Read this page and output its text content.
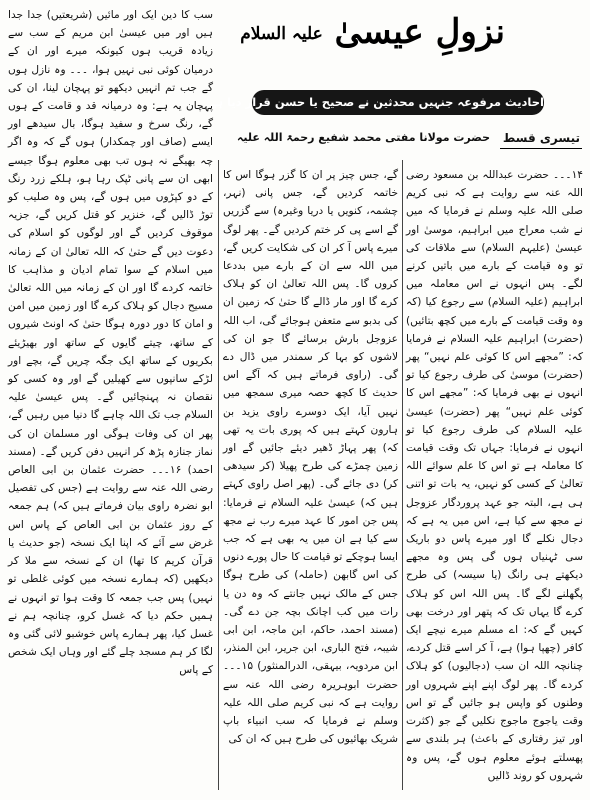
نزولِ عیسیٰ علیہ السلام
احادیث مرفوعہ جنہیں محدثین نے صحیح یا حسن قرار دیا ہے
تیسری قسط
حضرت مولانا مفتی محمد شفیع رحمۃ اللہ علیہ

۱۴۔۔۔ حضرت عبداللہ بن مسعود رضی اللہ عنہ سے روایت ہے کہ نبی کریم صلی اللہ علیہ وسلم نے فرمایا کہ میں نے شب معراج میں ابراہیم، موسیٰ اور عیسیٰ (علیہم السلام) سے ملاقات کی تو وہ قیامت کے بارے میں باتیں کرنے لگے۔ پس انہوں نے اس معاملہ میں ابراہیم (علیہ السلام) سے رجوع کیا (کہ وہ وقت قیامت کے بارے میں کچھ بتائیں) (حضرت) ابراہیم علیہ السلام نے فرمایا کہ: ”مجھے اس کا کوئی علم نہیں“ پھر (حضرت) موسیٰ کی طرف رجوع کیا تو انہوں نے بھی فرمایا کہ: ”مجھے اس کا کوئی علم نہیں“ پھر (حضرت) عیسیٰ علیہ السلام کی طرف رجوع کیا تو انہوں نے فرمایا: جہاں تک وقت قیامت کا معاملہ ہے تو اس کا علم سوائے اللہ تعالیٰ کے کسی کو نہیں، یہ بات تو اتنی ہی ہے، البتہ جو عہد پروردگار عزوجل نے مجھ سے کیا ہے، اس میں یہ ہے کہ دجال نکلے گا اور میرے پاس دو باریک سی ٹہنیاں ہوں گی پس وہ مجھے دیکھتے ہی رانگ (یا سیسہ) کی طرح پگھلنے لگے گا۔ پس اللہ اس کو ہلاک کرے گا یہاں تک کہ پتھر اور درخت بھی کہیں گے کہ: اے مسلم میرے نیچے ایک کافر (چھپا ہوا) ہے، آ کر اسے قتل کردے، چنانچہ اللہ ان سب (دجالیوں) کو ہلاک کردے گا۔ پھر لوگ اپنے اپنے شہروں اور وطنوں کو واپس ہو جائیں گے تو اس وقت یاجوج ماجوج نکلیں گے جو (کثرت اور تیز رفتاری کے باعث) ہر بلندی سے پھسلتے ہوئے معلوم ہوں گے، پس وہ شہروں کو روند ڈالیں

گے، جس چیز پر ان کا گزر ہوگا اس کا خاتمہ کردیں گے، جس پانی (نہر، چشمہ، کنویں یا دریا وغیرہ) سے گزریں گے اسے پی کر ختم کردیں گے۔ پھر لوگ میرے پاس آ کر ان کی شکایت کریں گے، میں اللہ سے ان کے بارے میں بددعا کروں گا۔ پس اللہ تعالیٰ ان کو ہلاک کرے گا اور مار ڈالے گا حتیٰ کہ زمین ان کی بدبو سے متعفن ہوجائے گی، اب اللہ عزوجل بارش برسائے گا جو ان کی لاشوں کو بہا کر سمندر میں ڈال دے گی۔ (راوی فرماتے ہیں کہ آگے اس حدیث کا کچھ حصہ میری سمجھ میں نہیں آیا، ایک دوسرے راوی یزید بن ہارون کہتے ہیں کہ پوری بات یہ تھی کہ) پھر پہاڑ ڈھیر دیئے جائیں گے اور زمین چمڑے کی طرح پھیلا (کر سیدھی کر) دی جائے گی۔ (پھر اصل راوی کہتے ہیں کہ) عیسیٰ علیہ السلام نے فرمایا: پس جن امور کا عہد میرے رب نے مجھ سے کیا ہے ان میں یہ بھی ہے کہ جب ایسا ہوچکے تو قیامت کا حال پورے دنوں کی اس گابھن (حاملہ) کی طرح ہوگا جس کے مالک نہیں جانتے کہ وہ دن یا رات میں کب اچانک بچہ جن دے گی۔ (مسند احمد، حاکم، ابن ماجہ، ابن ابی شیبہ، فتح الباری، ابن جریر، ابن المنذر، ابن مردویہ، بیہقی، الدرالمنثور) ۱۵۔۔۔ حضرت ابوہریرہ رضی اللہ عنہ سے روایت ہے کہ نبی کریم صلی اللہ علیہ وسلم نے فرمایا کہ سب انبیاء باپ شریک بھائیوں کی طرح ہیں کہ ان کی

سب کا دین ایک اور مائیں (شریعتیں) جدا جدا ہیں اور میں عیسیٰ ابن مریم کے سب سے زیادہ قریب ہوں کیونکہ میرے اور ان کے درمیان کوئی نبی نہیں ہوا، ۔۔۔ وہ نازل ہوں گے جب تم انہیں دیکھو تو پہچان لینا، ان کی پہچان یہ ہے: وہ درمیانہ قد و قامت کے ہوں گے، رنگ سرخ و سفید ہوگا، بال سیدھے اور ایسے (صاف اور چمکدار) ہوں گے کہ وہ اگر چہ بھیگے نہ ہوں تب بھی معلوم ہوگا جیسے ابھی ان سے پانی ٹپک رہا ہو، ہلکے زرد رنگ کے دو کپڑوں میں ہوں گے، پس وہ صلیب کو توڑ ڈالیں گے، خنزیر کو قتل کریں گے، جزیہ موقوف کردیں گے اور لوگوں کو اسلام کی دعوت دیں گے حتیٰ کہ اللہ تعالیٰ ان کے زمانہ میں اسلام کے سوا تمام ادیان و مذاہب کا خاتمہ کردے گا اور ان کے زمانہ میں اللہ تعالیٰ مسیح دجال کو ہلاک کرے گا اور زمین میں امن و امان کا دور دورہ ہوگا حتیٰ کہ اونٹ شیروں کے ساتھ، چیتے گایوں کے ساتھ اور بھیڑیئے بکریوں کے ساتھ ایک جگہ چریں گے، بچے اور لڑکے سانپوں سے کھیلیں گے اور وہ کسی کو نقصان نہ پہنچائیں گے۔ پس عیسیٰ علیہ السلام جب تک اللہ چاہے گا دنیا میں رہیں گے، پھر ان کی وفات ہوگی اور مسلمان ان کی نماز جنازہ پڑھ کر انہیں دفن کریں گے۔ (مسند احمد) ۱۶۔۔۔ حضرت عثمان بن ابی العاص رضی اللہ عنہ سے روایت ہے (جس کی تفصیل ابو نضرہ راوی بیان فرماتے ہیں کہ) ہم جمعہ کے روز عثمان بن ابی العاص کے پاس اس غرض سے آئے کہ اپنا ایک نسخہ (جو حدیث یا قرآن کریم کا تھا) ان کے نسخہ سے ملا کر دیکھیں (کہ ہمارے نسخہ میں کوئی غلطی تو نہیں) پس جب جمعہ کا وقت ہوا تو انہوں نے ہمیں حکم دیا کہ غسل کرو، چنانچہ ہم نے غسل کیا، پھر ہمارے پاس خوشبو لائی گئی وہ لگا کر ہم مسجد چلے گئے اور وہاں ایک شخص کے پاس
